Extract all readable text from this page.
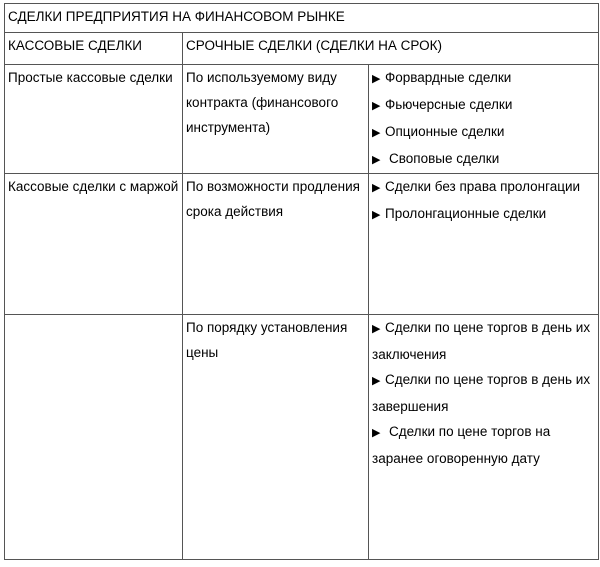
СДЕЛКИ ПРЕДПРИЯТИЯ НА ФИНАНСОВОМ РЫНКЕ		
КАССОВЫЕ СДЕЛКИ	СРОЧНЫЕ СДЕЛКИ (СДЕЛКИ НА СРОК)	
Простые кассовые сделки	По используемому виду контракта (финансового инструмента)	▶ Форвардные сделки
▶ Фьючерсные сделки
▶ Опционные сделки
▶ Своповые сделки

Кассовые сделки с маржой	По возможности продления срока действия	▶ Сделки без права пролонгации
▶ Пролонгационные сделки

	По порядку установления цены	▶ Сделки по цене торгов в день их заключения
▶ Сделки по цене торгов в день их завершения
▶ Сделки по цене торгов на заранее оговоренную дату
